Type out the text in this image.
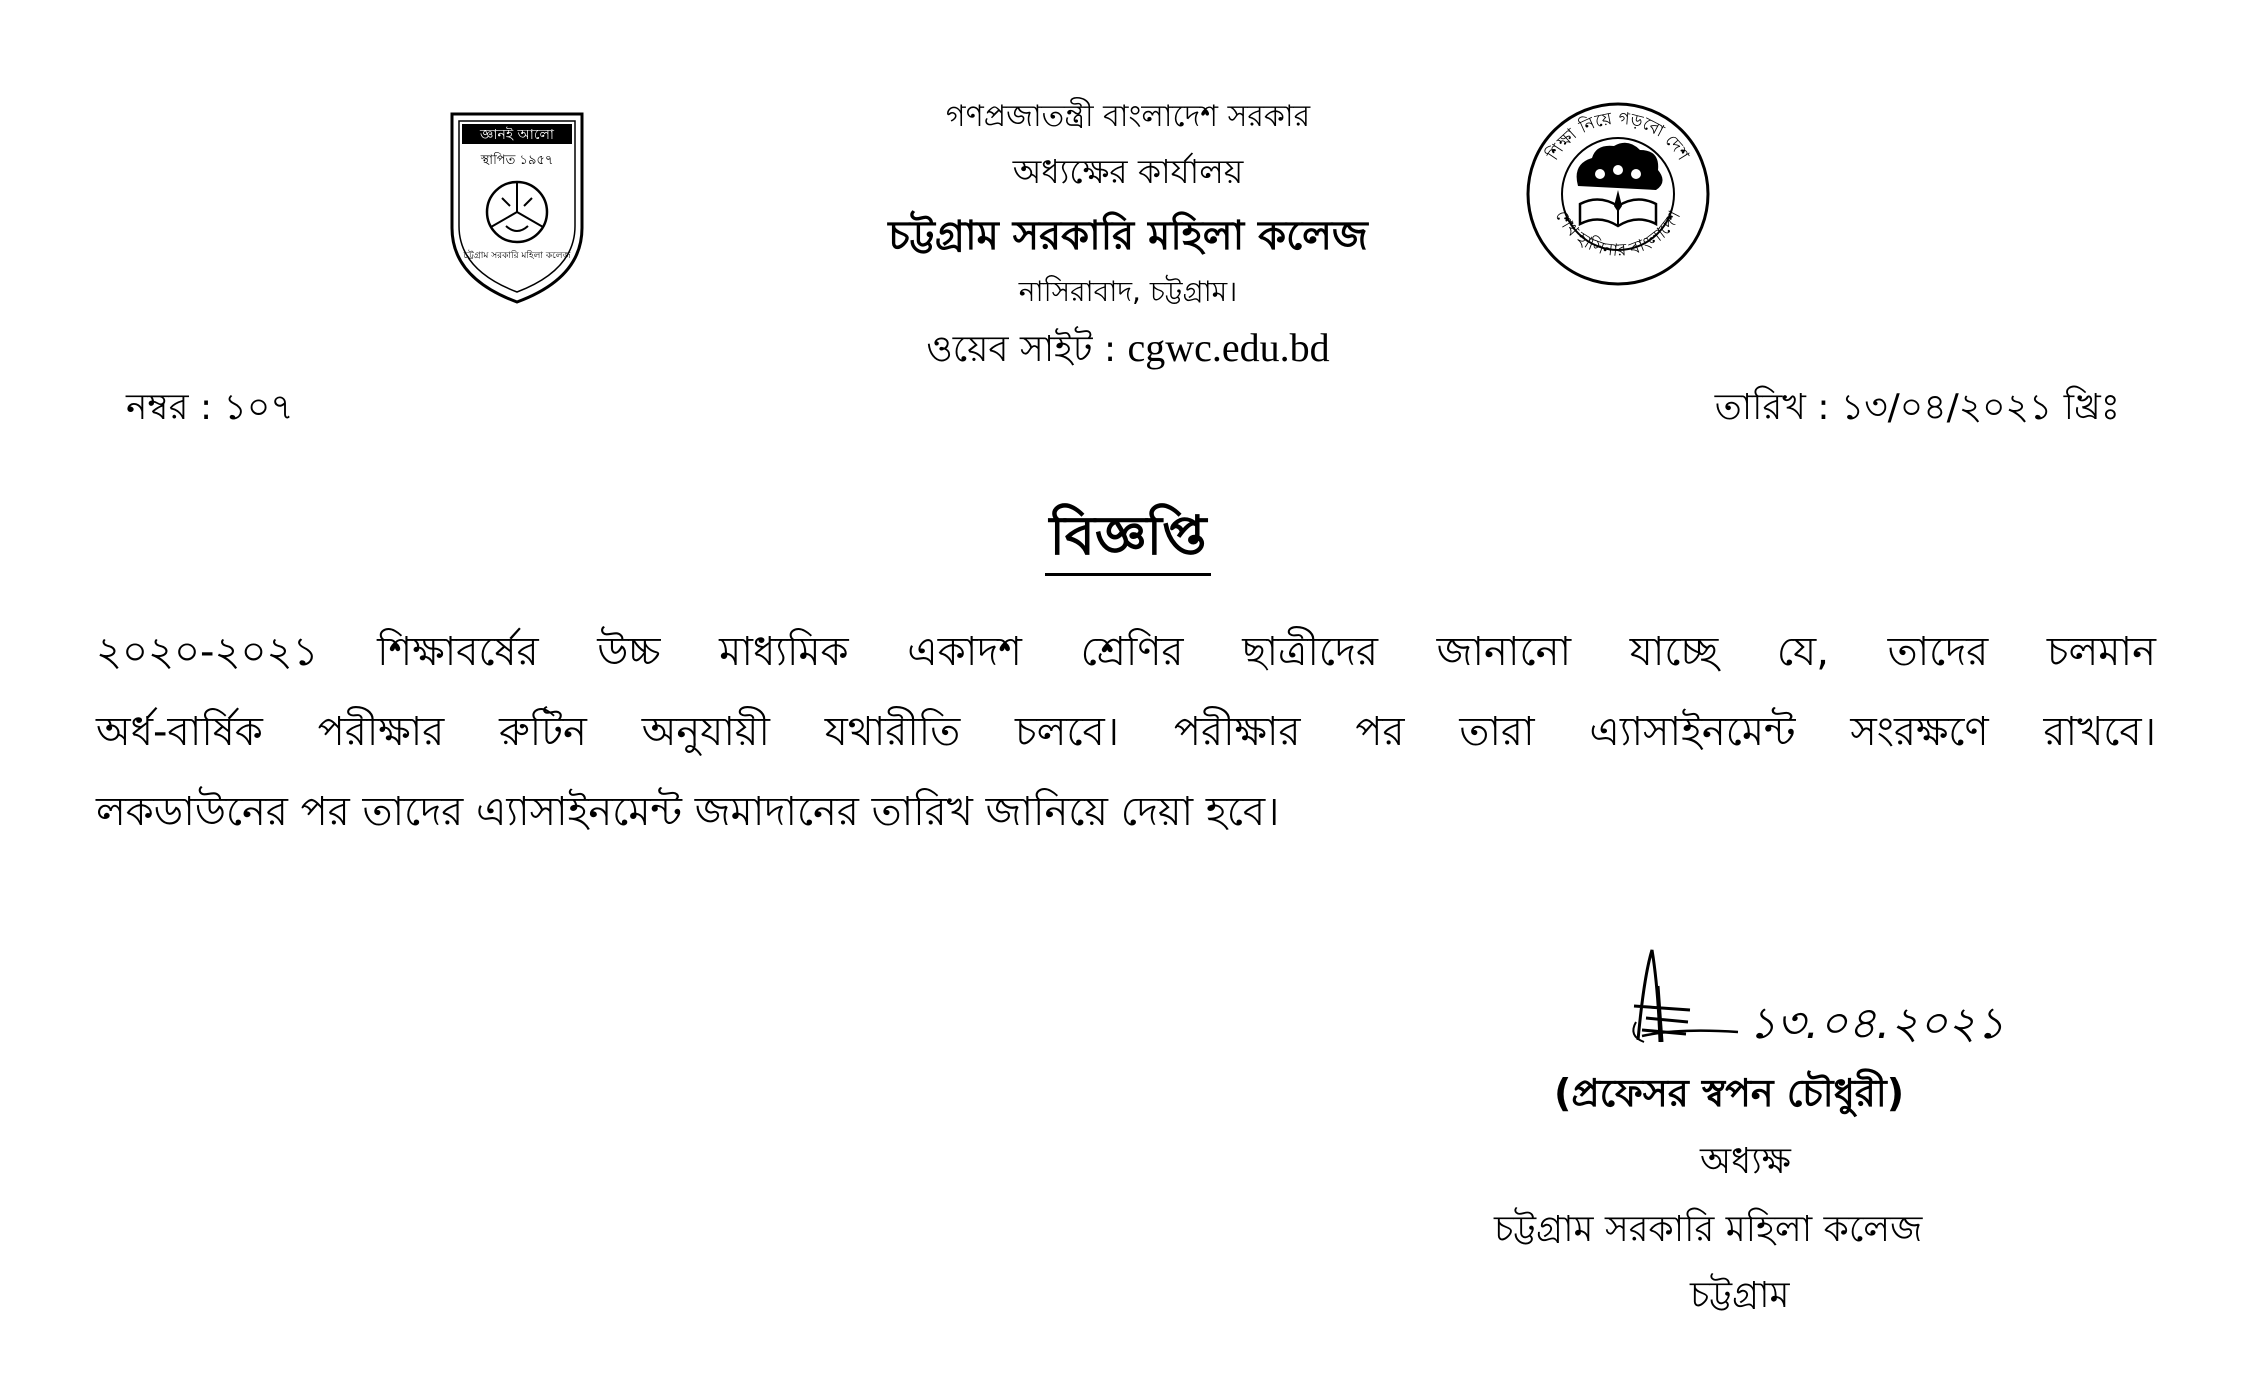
জ্ঞানই আলো
স্থাপিত ১৯৫৭
চট্টগ্রাম সরকারি মহিলা কলেজ
শিক্ষা নিয়ে গড়বো দেশ
শেখ হাসিনার বাংলাদেশ
গণপ্রজাতন্ত্রী বাংলাদেশ সরকার
অধ্যক্ষের কার্যালয়
চট্টগ্রাম সরকারি মহিলা কলেজ
নাসিরাবাদ, চট্টগ্রাম।
ওয়েব সাইট : cgwc.edu.bd
নম্বর : ১০৭	তারিখ : ১৩/০৪/২০২১ খ্রিঃ
বিজ্ঞপ্তি
২০২০-২০২১ শিক্ষাবর্ষের উচ্চ মাধ্যমিক একাদশ শ্রেণির ছাত্রীদের জানানো যাচ্ছে যে, তাদের চলমান
অর্ধ-বার্ষিক পরীক্ষার রুটিন অনুযায়ী যথারীতি চলবে। পরীক্ষার পর তারা এ্যাসাইনমেন্ট সংরক্ষণে রাখবে।
লকডাউনের পর তাদের এ্যাসাইনমেন্ট জমাদানের তারিখ জানিয়ে দেয়া হবে।
১৩.০৪.২০২১
(প্রফেসর স্বপন চৌধুরী)
অধ্যক্ষ
চট্টগ্রাম সরকারি মহিলা কলেজ
চট্টগ্রাম
